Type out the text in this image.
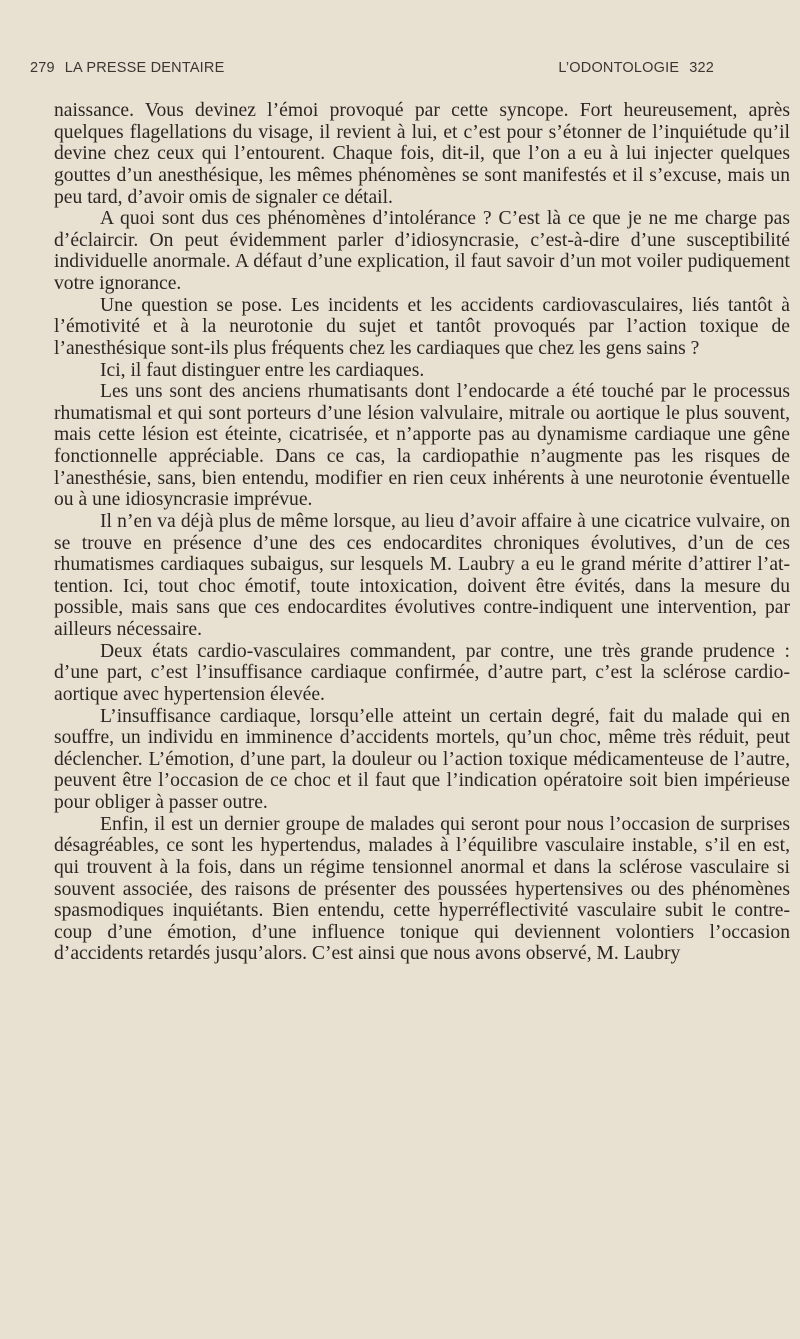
279 LA PRESSE DENTAIRE	L’ODONTOLOGIE 322

naissance. Vous devinez l’émoi provoqué par cette syncope. Fort heureusement, après quelques flagellations du visage, il revient à lui, et c’est pour s’étonner de l’inquiétude qu’il devine chez ceux qui l’entourent. Chaque fois, dit-il, que l’on a eu à lui injecter quelques gouttes d’un anesthésique, les mêmes phénomènes se sont manifestés et il s’excuse, mais un peu tard, d’avoir omis de signaler ce détail.

A quoi sont dus ces phénomènes d’intolérance ? C’est là ce que je ne me charge pas d’éclaircir. On peut évidemment parler d’idiosyncrasie, c’est-à-dire d’une susceptibilité individuelle anormale. A défaut d’une explication, il faut savoir d’un mot voiler pudiquement votre ignorance.

Une question se pose. Les incidents et les accidents cardiovasculaires, liés tantôt à l’émotivité et à la neurotonie du sujet et tantôt provoqués par l’action toxique de l’anesthésique sont-ils plus fréquents chez les cardiaques que chez les gens sains ?

Ici, il faut distinguer entre les cardiaques.

Les uns sont des anciens rhumatisants dont l’endocarde a été touché par le processus rhumatismal et qui sont porteurs d’une lésion valvulaire, mitrale ou aortique le plus souvent, mais cette lésion est éteinte, cicatrisée, et n’apporte pas au dynamisme cardiaque une gêne fonctionnelle appréciable. Dans ce cas, la cardiopathie n’augmente pas les risques de l’anesthésie, sans, bien entendu, modifier en rien ceux inhérents à une neurotonie éventuelle ou à une idiosyncrasie imprévue.

Il n’en va déjà plus de même lorsque, au lieu d’avoir affaire à une cicatrice vulvaire, on se trouve en présence d’une des ces endocardites chroniques évolutives, d’un de ces rhumatismes cardiaques subaigus, sur lesquels M. Laubry a eu le grand mérite d’attirer l’attention. Ici, tout choc émotif, toute intoxication, doivent être évités, dans la mesure du possible, mais sans que ces endocardites évolutives contre-indiquent une intervention, par ailleurs nécessaire.

Deux états cardio-vasculaires commandent, par contre, une très grande prudence : d’une part, c’est l’insuffisance cardiaque confirmée, d’autre part, c’est la sclérose cardio-aortique avec hypertension élevée.

L’insuffisance cardiaque, lorsqu’elle atteint un certain degré, fait du malade qui en souffre, un individu en imminence d’accidents mortels, qu’un choc, même très réduit, peut déclencher. L’émotion, d’une part, la douleur ou l’action toxique médicamenteuse de l’autre, peuvent être l’occasion de ce choc et il faut que l’indication opératoire soit bien impérieuse pour obliger à passer outre.

Enfin, il est un dernier groupe de malades qui seront pour nous l’occasion de surprises désagréables, ce sont les hypertendus, malades à l’équilibre vasculaire instable, s’il en est, qui trouvent à la fois, dans un régime tensionnel anormal et dans la sclérose vasculaire si souvent associée, des raisons de présenter des poussées hypertensives ou des phénomènes spasmodiques inquiétants. Bien entendu, cette hyperréflectivité vasculaire subit le contre-coup d’une émotion, d’une influence tonique qui deviennent volontiers l’occasion d’accidents retardés jusqu’alors. C’est ainsi que nous avons observé, M. Laubry
